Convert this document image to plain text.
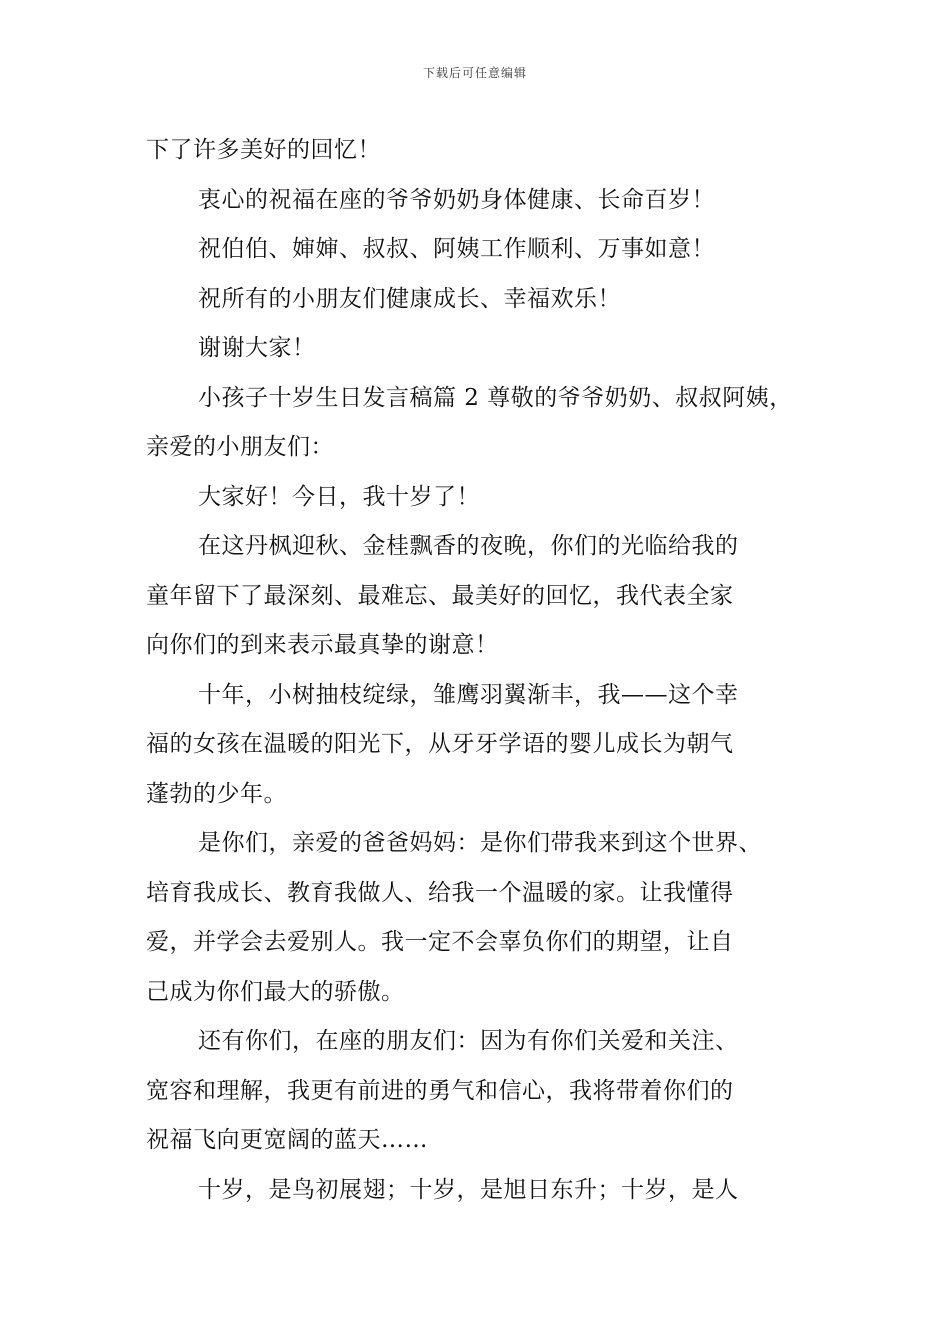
下载后可任意编辑
下了许多美好的回忆！
衷心的祝福在座的爷爷奶奶身体健康、长命百岁！
祝伯伯、婶婶、叔叔、阿姨工作顺利、万事如意！
祝所有的小朋友们健康成长、幸福欢乐！
谢谢大家！
小孩子十岁生日发言稿篇 2 尊敬的爷爷奶奶、叔叔阿姨，
亲爱的小朋友们：
大家好！今日，我十岁了！
在这丹枫迎秋、金桂飘香的夜晚，你们的光临给我的
童年留下了最深刻、最难忘、最美好的回忆，我代表全家
向你们的到来表示最真挚的谢意！
十年，小树抽枝绽绿，雏鹰羽翼渐丰，我——这个幸
福的女孩在温暖的阳光下，从牙牙学语的婴儿成长为朝气
蓬勃的少年。
是你们，亲爱的爸爸妈妈：是你们带我来到这个世界、
培育我成长、教育我做人、给我一个温暖的家。让我懂得
爱，并学会去爱别人。我一定不会辜负你们的期望，让自
己成为你们最大的骄傲。
还有你们，在座的朋友们：因为有你们关爱和关注、
宽容和理解，我更有前进的勇气和信心，我将带着你们的
祝福飞向更宽阔的蓝天……
十岁，是鸟初展翅；十岁，是旭日东升；十岁，是人
